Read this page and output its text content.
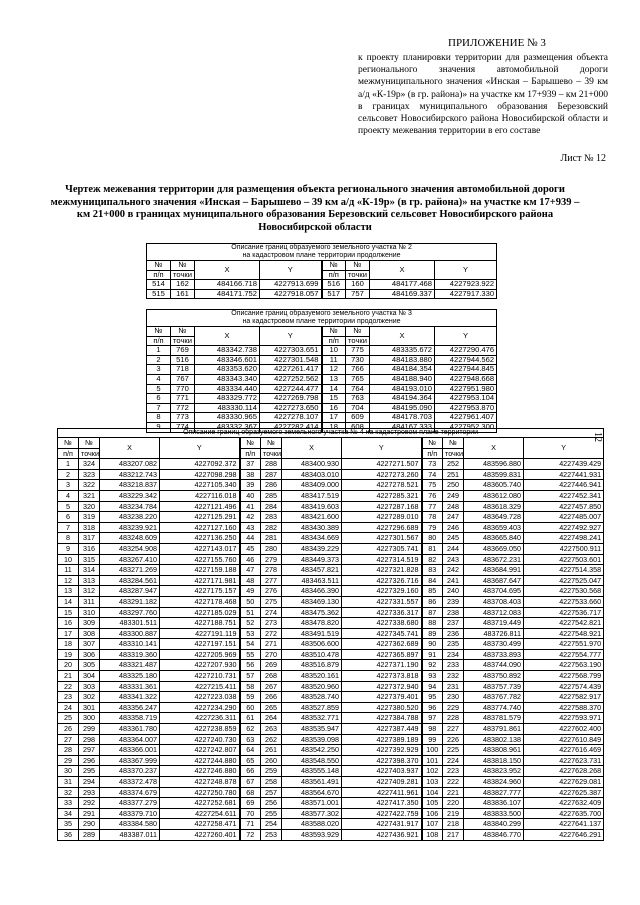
ПРИЛОЖЕНИЕ № 3
к проекту планировки территории для размещения объекта регионального значения автомобильной дороги межмуниципального значения «Инская – Барышево – 39 км а/д «К-19р» (в гр. района)» на участке км 17+939 – км 21+000 в границах муниципального образования Березовский сельсовет Новосибирского района Новосибирской области и проекту межевания территории в его составе
Лист № 12
Чертеж межевания территории для размещения объекта регионального значения автомобильной дороги межмуниципального значения «Инская – Барышево – 39 км а/д «К-19р» (в гр. района)» на участке км 17+939 – км 21+000 в границах муниципального образования Березовский сельсовет Новосибирского района Новосибирской области
12
Описание границ образуемого земельного участка № 2
на кадастровом плане территории продолжение							

№	№	X	Y	№	№	X	Y
п/п	точки			п/п	точки		
514	162	484166.718	4227913.699	516	160	484177.468	4227923.922
515	161	484171.752	4227918.057	517	757	484169.337	4227917.330
Описание границ образуемого земельного участка № 3
на кадастровом плане территории продолжение							

№	№	X	Y	№	№	X	Y
п/п	точки			п/п	точки		
1	769	483342.738	4227303.651	10	775	483335.672	4227290.476
2	516	483346.601	4227301.548	11	730	484183.880	4227944.562
3	718	483353.620	4227261.417	12	766	484184.354	4227944.845
4	767	483343.340	4227252.562	13	765	484188.940	4227948.668
5	770	483334.440	4227244.477	14	764	484193.010	4227951.980
6	771	483329.772	4227269.798	15	763	484194.364	4227953.104
7	772	483330.114	4227273.650	16	704	484195.090	4227953.870
8	773	483330.965	4227278.107	17	609	484178.703	4227961.407
9	774	483332.367	4227282.414	18	608	484167.333	4227952.300
Описание границ образуемого земельного участка № 4 на кадастровом плане территории											
№	№	X	Y	№	№	X	Y	№	№	X	Y
п/п	точки			п/п	точки			п/п	точки		
1	324	483207.082	4227092.372	37	288	483400.930	4227271.507	73	252	483596.880	4227439.429
2	323	483212.743	4227098.298	38	287	483403.010	4227273.260	74	251	483599.831	4227441.931
3	322	483218.837	4227105.340	39	286	483409.000	4227278.521	75	250	483605.740	4227446.941
4	321	483229.342	4227116.018	40	285	483417.519	4227285.321	76	249	483612.080	4227452.341
5	320	483234.784	4227121.496	41	284	483419.603	4227287.168	77	248	483618.329	4227457.850
6	319	483238.220	4227125.291	42	283	483421.600	4227289.010	78	247	483649.728	4227485.007
7	318	483239.921	4227127.160	43	282	483430.389	4227296.689	79	246	483659.403	4227492.927
8	317	483248.609	4227136.250	44	281	483434.669	4227301.567	80	245	483665.840	4227498.241
9	316	483254.908	4227143.017	45	280	483439.229	4227305.741	81	244	483669.050	4227500.911
10	315	483267.410	4227155.760	46	279	483449.373	4227314.519	82	243	483672.231	4227503.601
11	314	483271.269	4227159.188	47	278	483457.821	4227321.828	83	242	483684.991	4227514.358
12	313	483284.561	4227171.981	48	277	483463.511	4227326.716	84	241	483687.647	4227525.047
13	312	483287.947	4227175.157	49	276	483466.390	4227329.160	85	240	483704.695	4227530.568
14	311	483291.182	4227178.468	50	275	483469.130	4227331.557	86	239	483708.403	4227533.660
15	310	483297.760	4227185.029	51	274	483475.362	4227336.317	87	238	483712.083	4227536.717
16	309	483301.511	4227188.751	52	273	483478.820	4227338.680	88	237	483719.449	4227542.821
17	308	483300.887	4227191.119	53	272	483491.519	4227345.741	89	236	483726.811	4227548.921
18	307	483310.141	4227197.151	54	271	483506.600	4227362.689	90	235	483730.499	4227551.970
19	306	483319.360	4227205.969	55	270	483510.478	4227365.897	91	234	483733.893	4227554.777
20	305	483321.487	4227207.930	56	269	483516.879	4227371.190	92	233	483744.090	4227563.190
21	304	483325.180	4227210.731	57	268	483520.161	4227373.818	93	232	483750.892	4227568.799
22	303	483331.361	4227215.411	58	267	483520.960	4227372.940	94	231	483757.739	4227574.439
23	302	483341.322	4227223.038	59	266	483528.740	4227379.401	95	230	483767.782	4227582.917
24	301	483356.247	4227234.290	60	265	483527.859	4227380.520	96	229	483774.740	4227588.370
25	300	483358.719	4227236.311	61	264	483532.771	4227384.788	97	228	483781.579	4227593.971
26	299	483361.780	4227238.859	62	263	483535.947	4227387.449	98	227	483791.861	4227602.400
27	298	483364.007	4227240.730	63	262	483539.098	4227389.189	99	226	483802.138	4227610.849
28	297	483366.001	4227242.807	64	261	483542.250	4227392.929	100	225	483808.961	4227616.469
29	296	483367.999	4227244.880	65	260	483548.550	4227398.370	101	224	483818.150	4227623.731
30	295	483370.237	4227246.880	66	259	483555.148	4227403.937	102	223	483823.952	4227628.268
31	294	483372.478	4227248.878	67	258	483561.491	4227409.281	103	222	483824.960	4227629.081
32	293	483374.679	4227250.780	68	257	483564.670	4227411.961	104	221	483827.777	4227625.387
33	292	483377.279	4227252.681	69	256	483571.001	4227417.350	105	220	483836.107	4227632.409
34	291	483379.710	4227254.611	70	255	483577.302	4227422.759	106	219	483833.500	4227635.700
35	290	483384.580	4227258.471	71	254	483588.020	4227431.917	107	218	483840.299	4227641.137
36	289	483387.011	4227260.401	72	253	483593.929	4227436.921	108	217	483846.770	4227646.291
